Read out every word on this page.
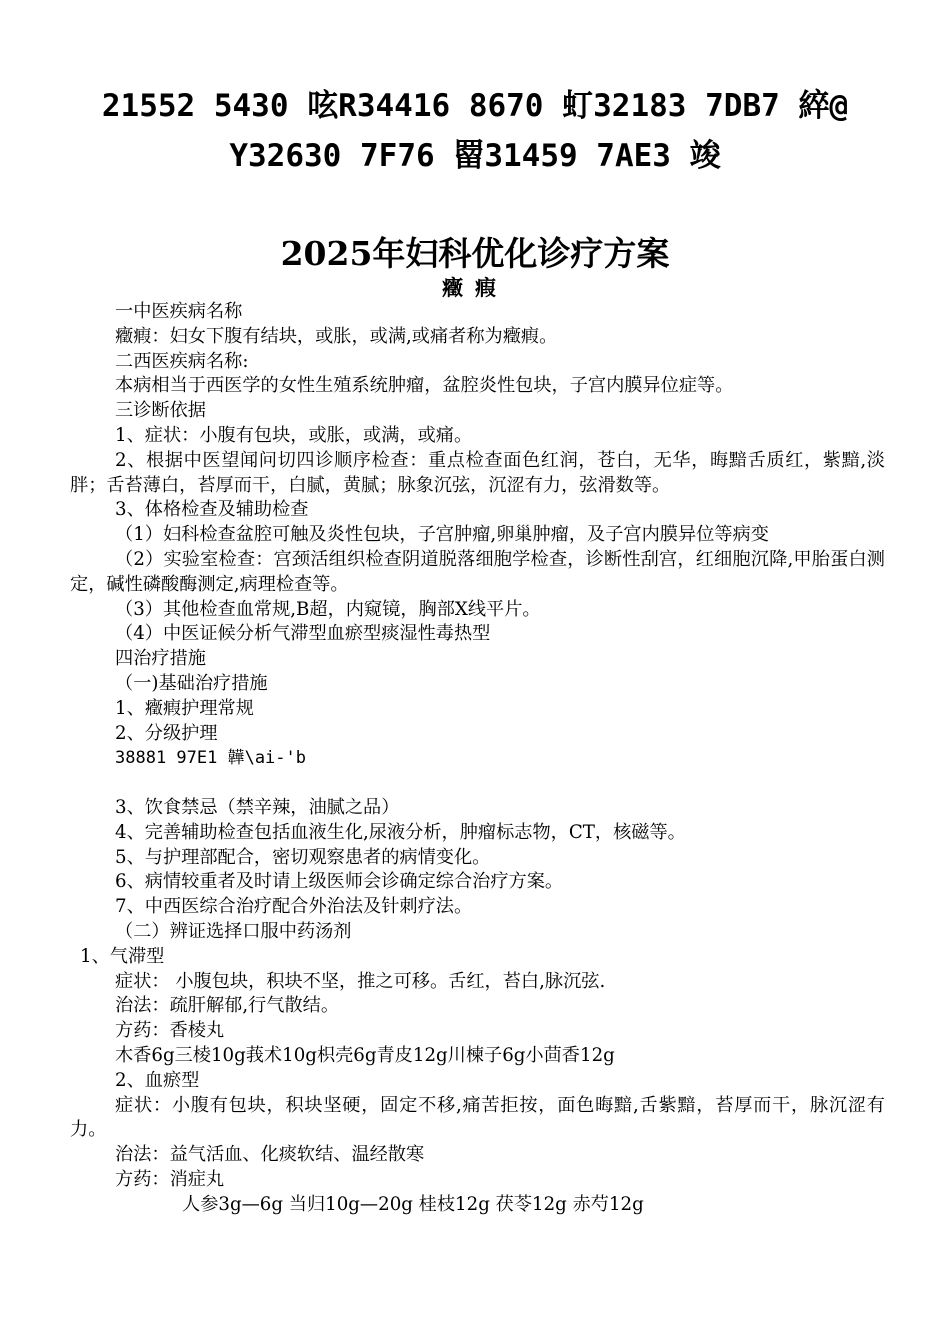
21552 5430 呟R34416 8670 虰32183 7DB7 綷@
Y32630 7F76 罶31459 7AE3 竣
2025年妇科优化诊疗方案
癥瘕
一中医疾病名称
癥瘕：妇女下腹有结块，或胀，或满,或痛者称为癥瘕。
二西医疾病名称:
本病相当于西医学的女性生殖系统肿瘤，盆腔炎性包块，子宫内膜异位症等。
三诊断依据
1、症状：小腹有包块，或胀，或满，或痛。
2、根据中医望闻问切四诊顺序检查：重点检查面色红润，苍白，无华，晦黯舌质红，紫黯,淡胖；舌苔薄白，苔厚而干，白腻，黄腻；脉象沉弦，沉涩有力，弦滑数等。
3、体格检查及辅助检查
（1）妇科检查盆腔可触及炎性包块，子宫肿瘤,卵巢肿瘤，及子宫内膜异位等病变
（2）实验室检查：宫颈活组织检查阴道脱落细胞学检查，诊断性刮宫，红细胞沉降,甲胎蛋白测定，碱性磷酸酶测定,病理检查等。
（3）其他检查血常规,B超，内窥镜，胸部X线平片。
（4）中医证候分析气滞型血瘀型痰湿性毒热型
四治疗措施
（一)基础治疗措施
1、癥瘕护理常规
2、分级护理
38881 97E1 韡\ai-'b
3、饮食禁忌（禁辛辣，油腻之品）
4、完善辅助检查包括血液生化,尿液分析，肿瘤标志物，CT，核磁等。
5、与护理部配合，密切观察患者的病情变化。
6、病情较重者及时请上级医师会诊确定综合治疗方案。
7、中西医综合治疗配合外治法及针刺疗法。
（二）辨证选择口服中药汤剂
1、气滞型
症状： 小腹包块，积块不坚，推之可移。舌红，苔白,脉沉弦.
治法：疏肝解郁,行气散结。
方药：香棱丸
木香6g三棱10g莪术10g枳壳6g青皮12g川楝子6g小茴香12g
2、血瘀型
症状：小腹有包块，积块坚硬，固定不移,痛苦拒按，面色晦黯,舌紫黯，苔厚而干，脉沉涩有力。
治法：益气活血、化痰软结、温经散寒
方药：消症丸
人参3g—6g 当归10g—20g 桂枝12g 茯苓12g 赤芍12g
